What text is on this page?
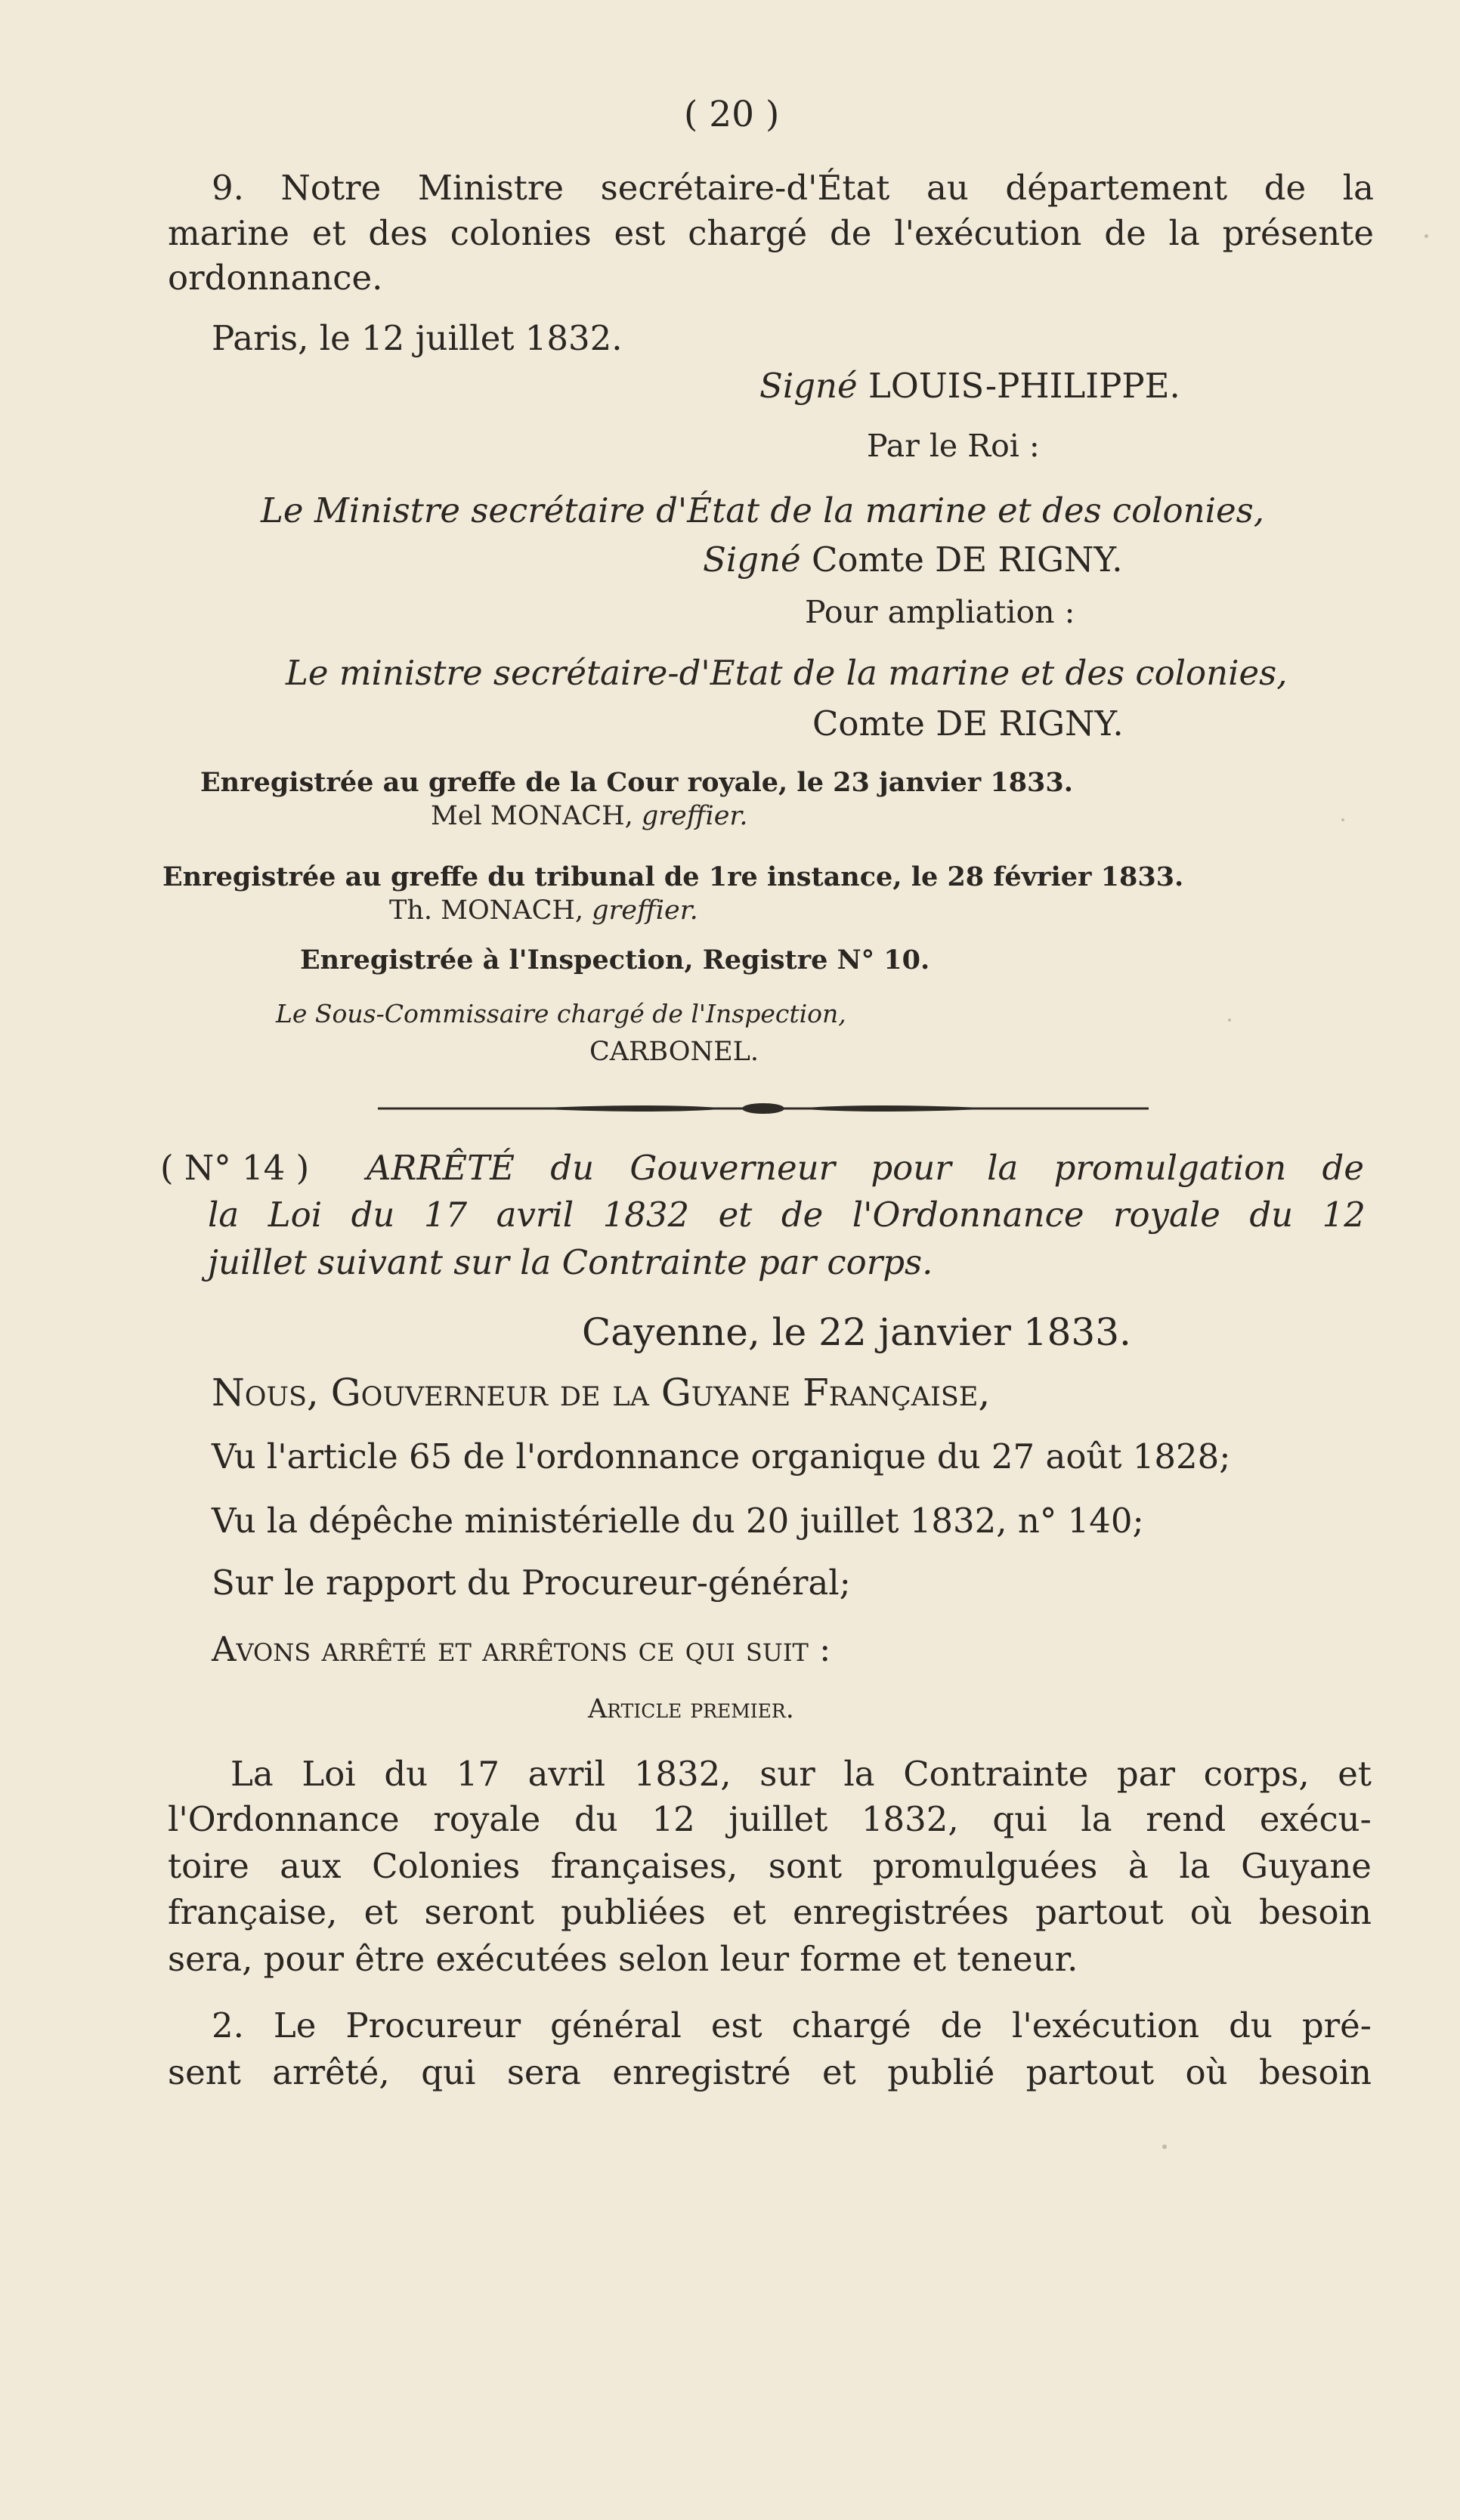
( 20 )
9. Notre Ministre secrétaire-d'État au département de la
marine et des colonies est chargé de l'exécution de la présente
ordonnance.
Paris, le 12 juillet 1832.
Signé LOUIS-PHILIPPE.
Par le Roi :
Le Ministre secrétaire d'État de la marine et des colonies,
Signé Comte DE RIGNY.
Pour ampliation :
Le ministre secrétaire-d'Etat de la marine et des colonies,
Comte DE RIGNY.
Enregistrée au greffe de la Cour royale, le 23 janvier 1833.
Mel MONACH, greffier.
Enregistrée au greffe du tribunal de 1re instance, le 28 février 1833.
Th. MONACH, greffier.
Enregistrée à l'Inspection, Registre N° 10.
Le Sous-Commissaire chargé de l'Inspection,
CARBONEL.
( N° 14 ) ARRÊTÉ du Gouverneur pour la promulgation de
la Loi du 17 avril 1832 et de l'Ordonnance royale du 12
juillet suivant sur la Contrainte par corps.
Cayenne, le 22 janvier 1833.
Nous, Gouverneur de la Guyane Française,
Vu l'article 65 de l'ordonnance organique du 27 août 1828;
Vu la dépêche ministérielle du 20 juillet 1832, n° 140;
Sur le rapport du Procureur-général;
Avons arrêté et arrêtons ce qui suit :
Article premier.
La Loi du 17 avril 1832, sur la Contrainte par corps, et
l'Ordonnance royale du 12 juillet 1832, qui la rend exécu-
toire aux Colonies françaises, sont promulguées à la Guyane
française, et seront publiées et enregistrées partout où besoin
sera, pour être exécutées selon leur forme et teneur.
2. Le Procureur général est chargé de l'exécution du pré-
sent arrêté, qui sera enregistré et publié partout où besoin
